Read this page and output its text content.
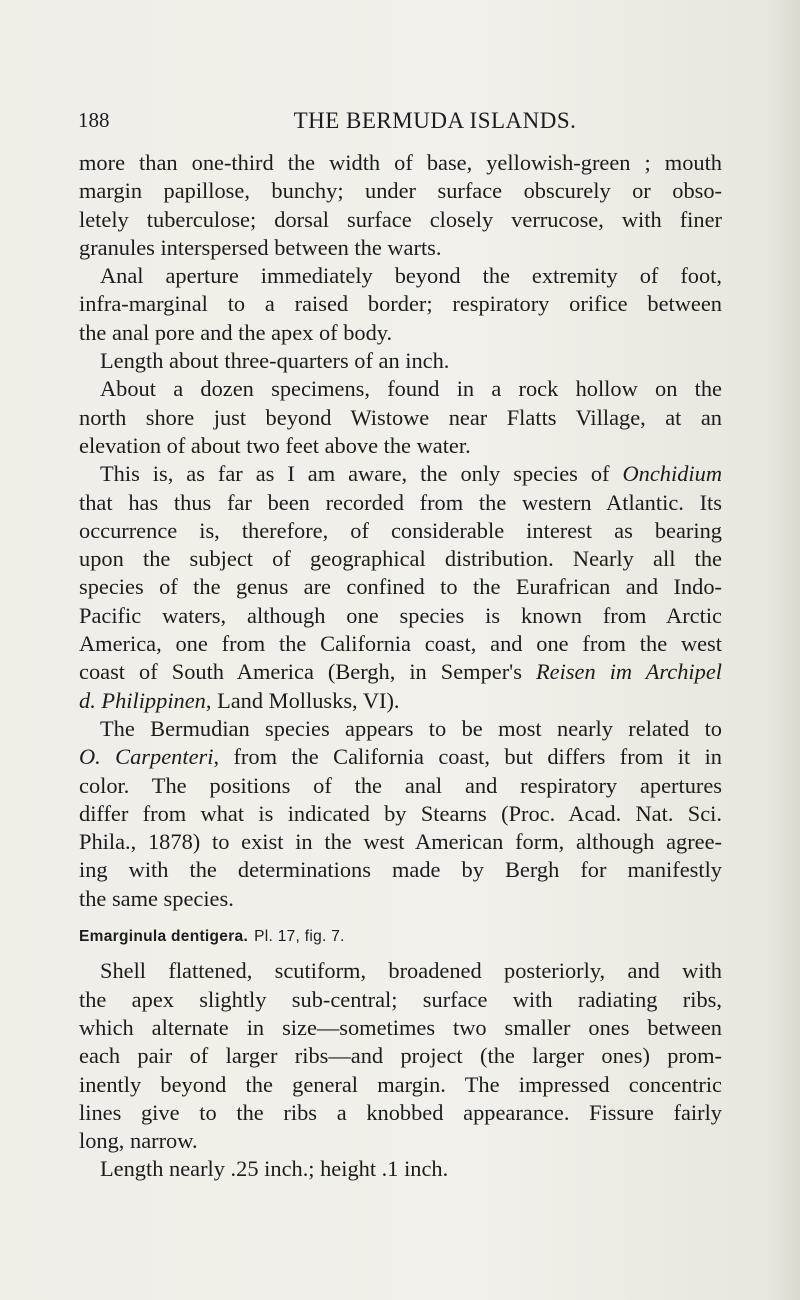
188	THE BERMUDA ISLANDS.
more than one-third the width of base, yellowish-green ; mouth
margin papillose, bunchy; under surface obscurely or obso-
letely tuberculose; dorsal surface closely verrucose, with finer
granules interspersed between the warts.
Anal aperture immediately beyond the extremity of foot,
infra-marginal to a raised border; respiratory orifice between
the anal pore and the apex of body.
Length about three-quarters of an inch.
About a dozen specimens, found in a rock hollow on the
north shore just beyond Wistowe near Flatts Village, at an
elevation of about two feet above the water.
This is, as far as I am aware, the only species of Onchidium
that has thus far been recorded from the western Atlantic. Its
occurrence is, therefore, of considerable interest as bearing
upon the subject of geographical distribution. Nearly all the
species of the genus are confined to the Eurafrican and Indo-
Pacific waters, although one species is known from Arctic
America, one from the California coast, and one from the west
coast of South America (Bergh, in Semper's Reisen im Archipel
d. Philippinen, Land Mollusks, VI).
The Bermudian species appears to be most nearly related to
O. Carpenteri, from the California coast, but differs from it in
color. The positions of the anal and respiratory apertures
differ from what is indicated by Stearns (Proc. Acad. Nat. Sci.
Phila., 1878) to exist in the west American form, although agree-
ing with the determinations made by Bergh for manifestly
the same species.
Emarginula dentigera. Pl. 17, fig. 7.
Shell flattened, scutiform, broadened posteriorly, and with
the apex slightly sub-central; surface with radiating ribs,
which alternate in size—sometimes two smaller ones between
each pair of larger ribs—and project (the larger ones) prom-
inently beyond the general margin. The impressed concentric
lines give to the ribs a knobbed appearance. Fissure fairly
long, narrow.
Length nearly .25 inch.; height .1 inch.
